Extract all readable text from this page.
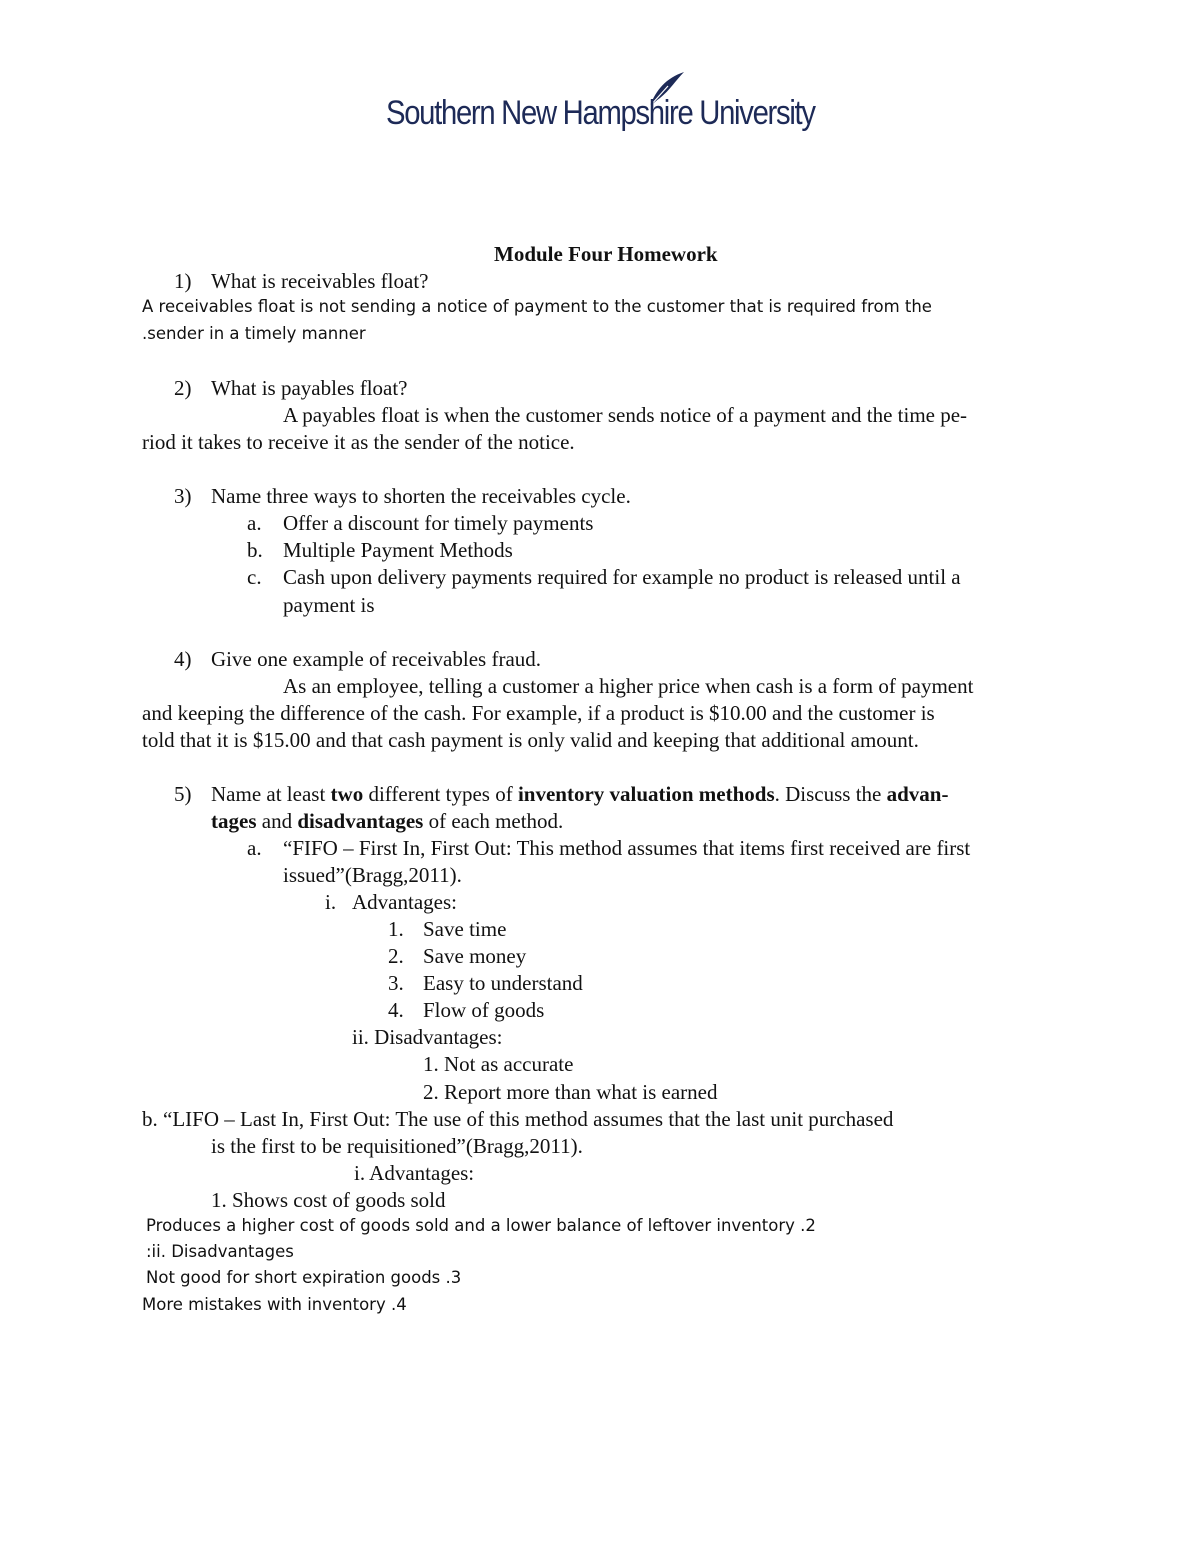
Southern New Hampshire University
Module Four Homework
1) What is receivables float?
A receivables float is not sending a notice of payment to the customer that is required from the
.sender in a timely manner
2) What is payables float?
A payables float is when the customer sends notice of a payment and the time pe-
riod it takes to receive it as the sender of the notice.
3) Name three ways to shorten the receivables cycle.
a. Offer a discount for timely payments
b. Multiple Payment Methods
c. Cash upon delivery payments required for example no product is released until a
payment is
4) Give one example of receivables fraud.
As an employee, telling a customer a higher price when cash is a form of payment
and keeping the difference of the cash. For example, if a product is $10.00 and the customer is
told that it is $15.00 and that cash payment is only valid and keeping that additional amount.
5) Name at least two different types of inventory valuation methods. Discuss the advan-
tages and disadvantages of each method.
a. “FIFO – First In, First Out: This method assumes that items first received are first
issued”(Bragg,2011).
i. Advantages:
1. Save time
2. Save money
3. Easy to understand
4. Flow of goods
ii. Disadvantages:
1. Not as accurate
2. Report more than what is earned
b. “LIFO – Last In, First Out: The use of this method assumes that the last unit purchased
is the first to be requisitioned”(Bragg,2011).
i. Advantages:
1. Shows cost of goods sold
Produces a higher cost of goods sold and a lower balance of leftover inventory .2
:ii. Disadvantages
Not good for short expiration goods .3
More mistakes with inventory .4
